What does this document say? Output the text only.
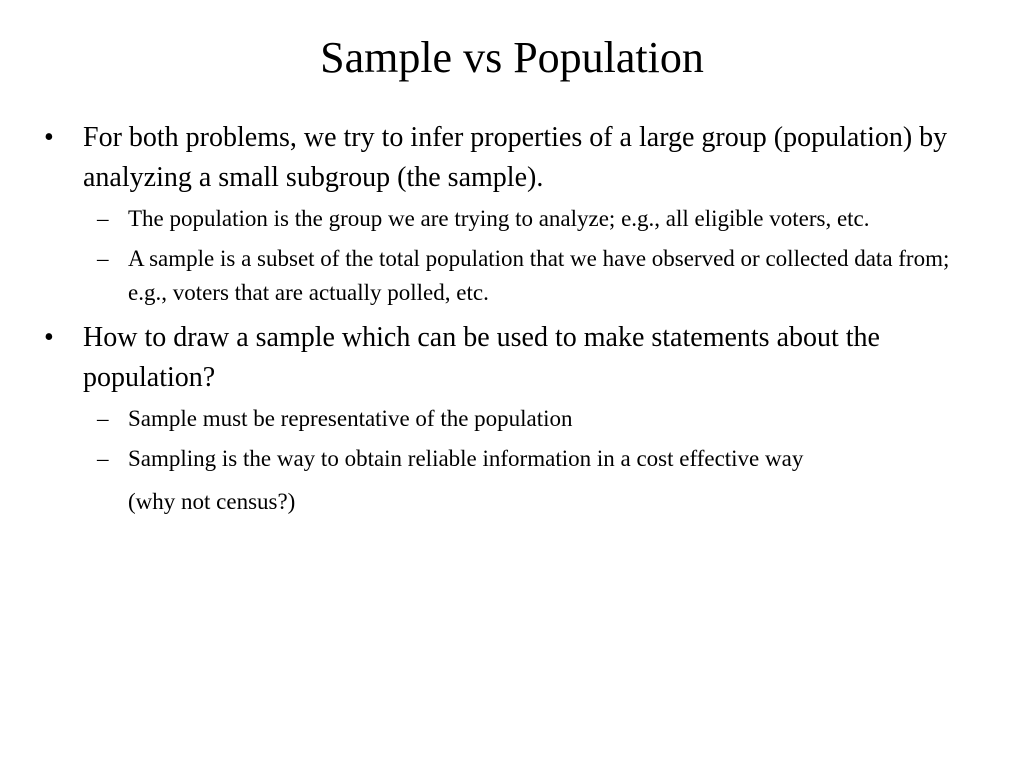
Sample vs Population
• For both problems, we try to infer properties of a large group (population) by analyzing a small subgroup (the sample).
– The population is the group we are trying to analyze; e.g., all eligible voters, etc.
– A sample is a subset of the total population that we have observed or collected data from; e.g., voters that are actually polled, etc.
• How to draw a sample which can be used to make statements about the population?
– Sample must be representative of the population
– Sampling is the way to obtain reliable information in a cost effective way
(why not census?)
